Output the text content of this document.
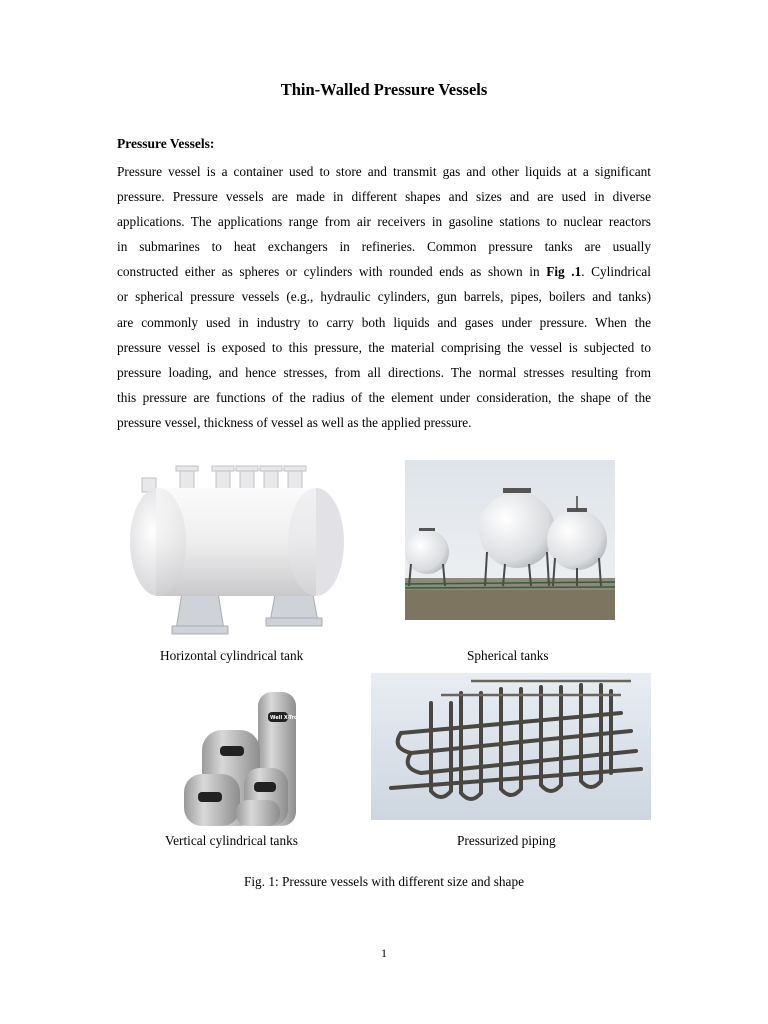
Thin-Walled Pressure Vessels
Pressure Vessels:
Pressure vessel is a container used to store and transmit gas and other liquids at a significant
pressure. Pressure vessels are made in different shapes and sizes and are used in diverse
applications. The applications range from air receivers in gasoline stations to nuclear reactors
in submarines to heat exchangers in refineries. Common pressure tanks are usually
constructed either as spheres or cylinders with rounded ends as shown in Fig .1. Cylindrical
or spherical pressure vessels (e.g., hydraulic cylinders, gun barrels, pipes, boilers and tanks)
are commonly used in industry to carry both liquids and gases under pressure. When the
pressure vessel is exposed to this pressure, the material comprising the vessel is subjected to
pressure loading, and hence stresses, from all directions. The normal stresses resulting from
this pressure are functions of the radius of the element under consideration, the shape of the
pressure vessel, thickness of vessel as well as the applied pressure.
Horizontal cylindrical tank	Spherical tanks
Well X-Trol
Vertical cylindrical tanks	Pressurized piping
Fig. 1: Pressure vessels with different size and shape
1
